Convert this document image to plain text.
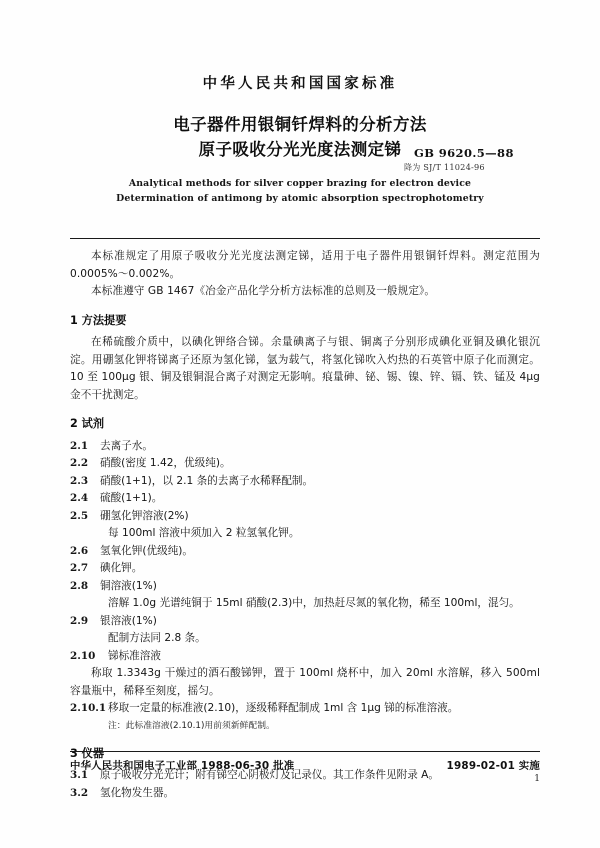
中华人民共和国国家标准
电子器件用银铜钎焊料的分析方法
原子吸收分光光度法测定锑	GB 9620.5—88
降为 SJ/T 11024-96
Analytical methods for silver copper brazing for electron device
Determination of antimong by atomic absorption spectrophotometry
本标准规定了用原子吸收分光光度法测定锑，适用于电子器件用银铜钎焊料。测定范围为 0.0005%～0.002%。
本标准遵守 GB 1467《冶金产品化学分析方法标准的总则及一般规定》。
1 方法提要
在稀硫酸介质中，以碘化钾络合锑。余量碘离子与银、铜离子分别形成碘化亚铜及碘化银沉淀。用硼氢化钾将锑离子还原为氢化锑，氩为载气，将氢化锑吹入灼热的石英管中原子化而测定。10 至 100μg 银、铜及银铜混合离子对测定无影响。痕量砷、铋、锡、镍、锌、镉、铁、锰及 4μg 金不干扰测定。
2 试剂
2.1 去离子水。
2.2 硝酸(密度 1.42，优级纯)。
2.3 硝酸(1+1)，以 2.1 条的去离子水稀释配制。
2.4 硫酸(1+1)。
2.5 硼氢化钾溶液(2%)
每 100ml 溶液中须加入 2 粒氢氧化钾。
2.6 氢氧化钾(优级纯)。
2.7 碘化钾。
2.8 铜溶液(1%)
溶解 1.0g 光谱纯铜于 15ml 硝酸(2.3)中，加热赶尽氮的氧化物，稀至 100ml，混匀。
2.9 银溶液(1%)
配制方法同 2.8 条。
2.10 锑标准溶液
称取 1.3343g 干燥过的酒石酸锑钾，置于 100ml 烧杯中，加入 20ml 水溶解，移入 500ml 容量瓶中，稀释至刻度，摇匀。
2.10.1 移取一定量的标准液(2.10)，逐级稀释配制成 1ml 含 1μg 锑的标准溶液。
注：此标准溶液(2.10.1)用前须新鲜配制。
3 仪器
3.1 原子吸收分光光计；附有锑空心阴极灯及记录仪。其工作条件见附录 A。
3.2 氢化物发生器。
中华人民共和国电子工业部 1988-06-30 批准	1989-02-01 实施
1
